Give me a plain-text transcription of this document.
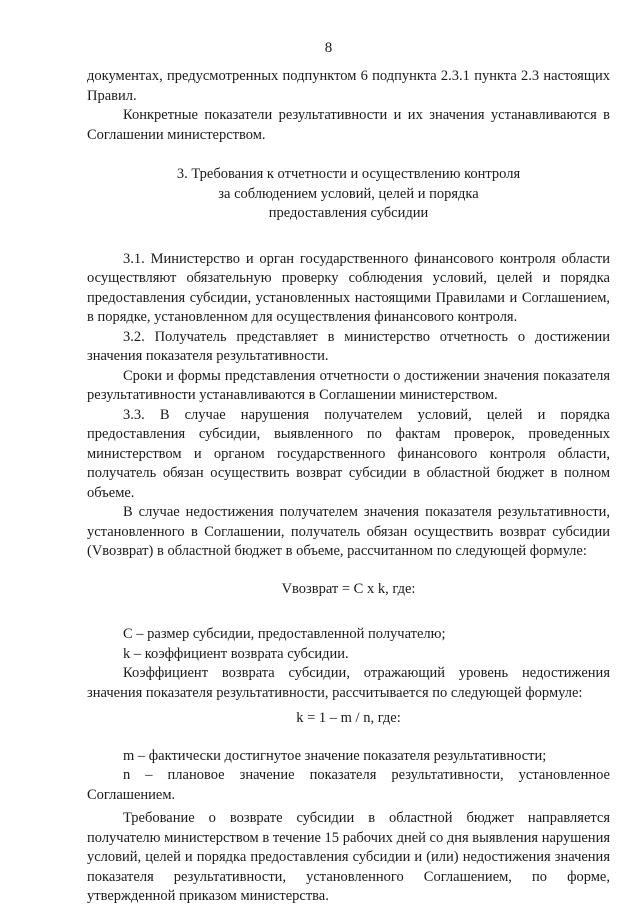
8

документах, предусмотренных подпунктом 6 подпункта 2.3.1 пункта 2.3 настоящих Правил.

Конкретные показатели результативности и их значения устанавливаются в Соглашении министерством.

3. Требования к отчетности и осуществлению контроля
за соблюдением условий, целей и порядка
предоставления субсидии

3.1. Министерство и орган государственного финансового контроля области осуществляют обязательную проверку соблюдения условий, целей и порядка предоставления субсидии, установленных настоящими Правилами и Соглашением, в порядке, установленном для осуществления финансового контроля.

3.2. Получатель представляет в министерство отчетность о достижении значения показателя результативности.

Сроки и формы представления отчетности о достижении значения показателя результативности устанавливаются в Соглашении министерством.

3.3. В случае нарушения получателем условий, целей и порядка предоставления субсидии, выявленного по фактам проверок, проведенных министерством и органом государственного финансового контроля области, получатель обязан осуществить возврат субсидии в областной бюджет в полном объеме.

В случае недостижения получателем значения показателя результативности, установленного в Соглашении, получатель обязан осуществить возврат субсидии (Vвозврат) в областной бюджет в объеме, рассчитанном по следующей формуле:

Vвозврат = C x k, где:

C – размер субсидии, предоставленной получателю;

k – коэффициент возврата субсидии.

Коэффициент возврата субсидии, отражающий уровень недостижения значения показателя результативности, рассчитывается по следующей формуле:

k = 1 – m / n, где:

m – фактически достигнутое значение показателя результативности;

n – плановое значение показателя результативности, установленное Соглашением.

Требование о возврате субсидии в областной бюджет направляется получателю министерством в течение 15 рабочих дней со дня выявления нарушения условий, целей и порядка предоставления субсидии и (или) недостижения значения показателя результативности, установленного Соглашением, по форме, утвержденной приказом министерства.
